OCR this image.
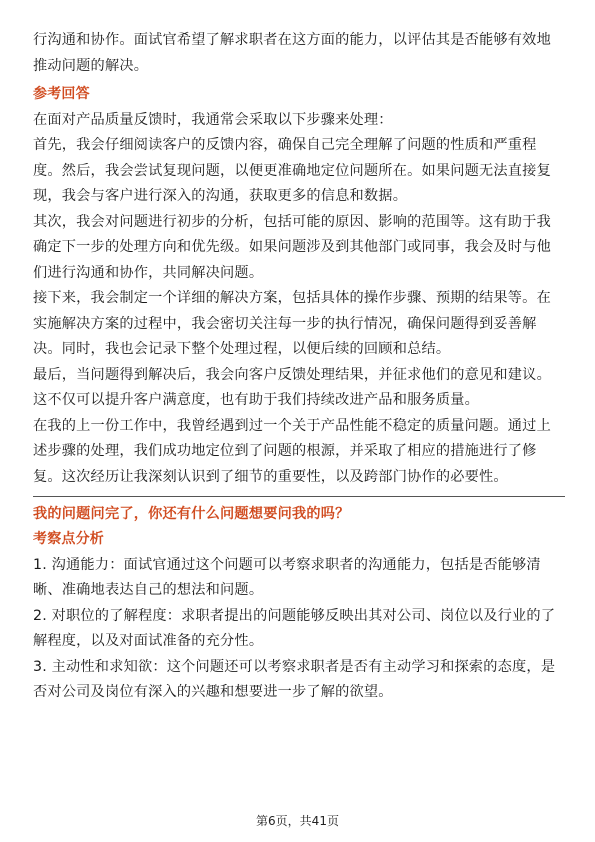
行沟通和协作。面试官希望了解求职者在这方面的能力，以评估其是否能够有效地

推动问题的解决。

参考回答

在面对产品质量反馈时，我通常会采取以下步骤来处理：

首先，我会仔细阅读客户的反馈内容，确保自己完全理解了问题的性质和严重程

度。然后，我会尝试复现问题，以便更准确地定位问题所在。如果问题无法直接复

现，我会与客户进行深入的沟通，获取更多的信息和数据。

其次，我会对问题进行初步的分析，包括可能的原因、影响的范围等。这有助于我

确定下一步的处理方向和优先级。如果问题涉及到其他部门或同事，我会及时与他

们进行沟通和协作，共同解决问题。

接下来，我会制定一个详细的解决方案，包括具体的操作步骤、预期的结果等。在

实施解决方案的过程中，我会密切关注每一步的执行情况，确保问题得到妥善解

决。同时，我也会记录下整个处理过程，以便后续的回顾和总结。

最后，当问题得到解决后，我会向客户反馈处理结果，并征求他们的意见和建议。

这不仅可以提升客户满意度，也有助于我们持续改进产品和服务质量。

在我的上一份工作中，我曾经遇到过一个关于产品性能不稳定的质量问题。通过上

述步骤的处理，我们成功地定位到了问题的根源，并采取了相应的措施进行了修

复。这次经历让我深刻认识到了细节的重要性，以及跨部门协作的必要性。

我的问题问完了，你还有什么问题想要问我的吗？

考察点分析

1. 沟通能力：面试官通过这个问题可以考察求职者的沟通能力，包括是否能够清

晰、准确地表达自己的想法和问题。

2. 对职位的了解程度：求职者提出的问题能够反映出其对公司、岗位以及行业的了

解程度，以及对面试准备的充分性。

3. 主动性和求知欲：这个问题还可以考察求职者是否有主动学习和探索的态度，是

否对公司及岗位有深入的兴趣和想要进一步了解的欲望。

第6页，共41页
